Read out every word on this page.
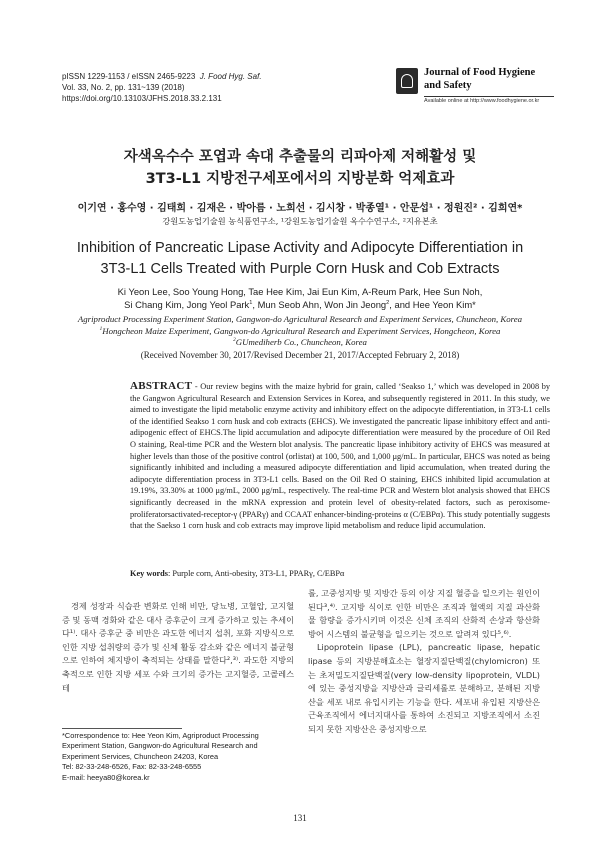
pISSN 1229-1153 / eISSN 2465-9223 J. Food Hyg. Saf.
Vol. 33, No. 2, pp. 131~139 (2018)
https://doi.org/10.13103/JFHS.2018.33.2.131
Journal of Food Hygiene
and Safety
Available online at http://www.foodhygiene.or.kr
자색옥수수 포엽과 속대 추출물의 리파아제 저해활성 및
3T3-L1 지방전구세포에서의 지방분화 억제효과
이기연 · 홍수영 · 김태희 · 김재은 · 박아름 · 노희선 · 김시창 · 박종열¹ · 안문섭¹ · 정원진² · 김희연*
강원도농업기술원 농식품연구소, ¹강원도농업기술원 옥수수연구소, ²지유본초
Inhibition of Pancreatic Lipase Activity and Adipocyte Differentiation in
3T3-L1 Cells Treated with Purple Corn Husk and Cob Extracts
Ki Yeon Lee, Soo Young Hong, Tae Hee Kim, Jai Eun Kim, A-Reum Park, Hee Sun Noh,
Si Chang Kim, Jong Yeol Park$^1$, Mun Seob Ahn, Won Jin Jeong$^2$, and Hee Yeon Kim*
Agriproduct Processing Experiment Station, Gangwon-do Agricultural Research and Experiment Services, Chuncheon, Korea
$^1$Hongcheon Maize Experiment, Gangwon-do Agricultural Research and Experiment Services, Hongcheon, Korea
$^2$GUmediherb Co., Chuncheon, Korea
(Received November 30, 2017/Revised December 21, 2017/Accepted February 2, 2018)
ABSTRACT - Our review begins with the maize hybrid for grain, called ‘Seakso 1,’ which was developed in 2008 by the Gangwon Agricultural Research and Extension Services in Korea, and subsequently registered in 2011. In this study, we aimed to investigate the lipid metabolic enzyme activity and inhibitory effect on the adipocyte differentiation, in 3T3-L1 cells of the identified Seakso 1 corn husk and cob extracts (EHCS). We investigated the pancreatic lipase inhibitory effect and anti-adipogenic effect of EHCS.The lipid accumulation and adipocyte differentiation were measured by the procedure of Oil Red O staining, Real-time PCR and the Western blot analysis. The pancreatic lipase inhibitory activity of EHCS was measured at higher levels than those of the positive control (orlistat) at 100, 500, and 1,000 μg/mL. In particular, EHCS was noted as being significantly inhibited and including a measured adipocyte differentiation and lipid accumulation, when treated during the adipocyte differentiation process in 3T3-L1 cells. Based on the Oil Red O staining, EHCS inhibited lipid accumulation at 19.19%, 33.30% at 1000 μg/mL, 2000 μg/mL, respectively. The real-time PCR and Western blot analysis showed that EHCS significantly decreased in the mRNA expression and protein level of obesity-related factors, such as peroxisome-proliferatorsactivated-receptor-γ (PPARγ) and CCAAT enhancer-binding-proteins α (C/EBPα). This study potentially suggests that the Saekso 1 corn husk and cob extracts may improve lipid metabolism and reduce lipid accumulation.
Key words: Purple corn, Anti-obesity, 3T3-L1, PPARγ, C/EBPα

경제 성장과 식습관 변화로 인해 비만, 당뇨병, 고혈압, 고지혈증 및 동맥 경화와 같은 대사 증후군이 크게 증가하고 있는 추세이다¹⁾. 대사 증후군 중 비만은 과도한 에너지 섭취, 포화 지방식으로 인한 지방 섭취량의 증가 및 신체 활동 감소와 같은 에너지 불균형으로 인하여 체지방이 축적되는 상태를 말한다²,³⁾. 과도한 지방의 축적으로 인한 지방 세포 수와 크기의 증가는 고지혈증, 고콜레스테

롤, 고중성지방 및 지방간 등의 이상 지질 혈증을 일으키는 원인이 된다³,⁴⁾. 고지방 식이로 인한 비만은 조직과 혈액의 지질 과산화물 함량을 증가시키며 이것은 신체 조직의 산화적 손상과 항산화 방어 시스템의 불균형을 일으키는 것으로 알려져 있다⁵,⁶⁾.

Lipoprotein lipase (LPL), pancreatic lipase, hepatic lipase 등의 지방분해효소는 혈장지질단백질(chylomicron) 또는 초저밀도지질단백질(very low-density lipoprotein, VLDL)에 있는 중성지방을 지방산과 글리세롤로 분해하고, 분해된 지방산을 세포 내로 유입시키는 기능을 한다. 세포내 유입된 지방산은 근육조직에서 에너지대사를 통하여 소진되고 지방조직에서 소진되지 못한 지방산은 중성지방으로

*Correspondence to: Hee Yeon Kim, Agriproduct Processing Experiment Station, Gangwon-do Agricultural Research and Experiment Services, Chuncheon 24203, Korea
Tel: 82-33-248-6526, Fax: 82-33-248-6555
E-mail: heeya80@korea.kr
131
